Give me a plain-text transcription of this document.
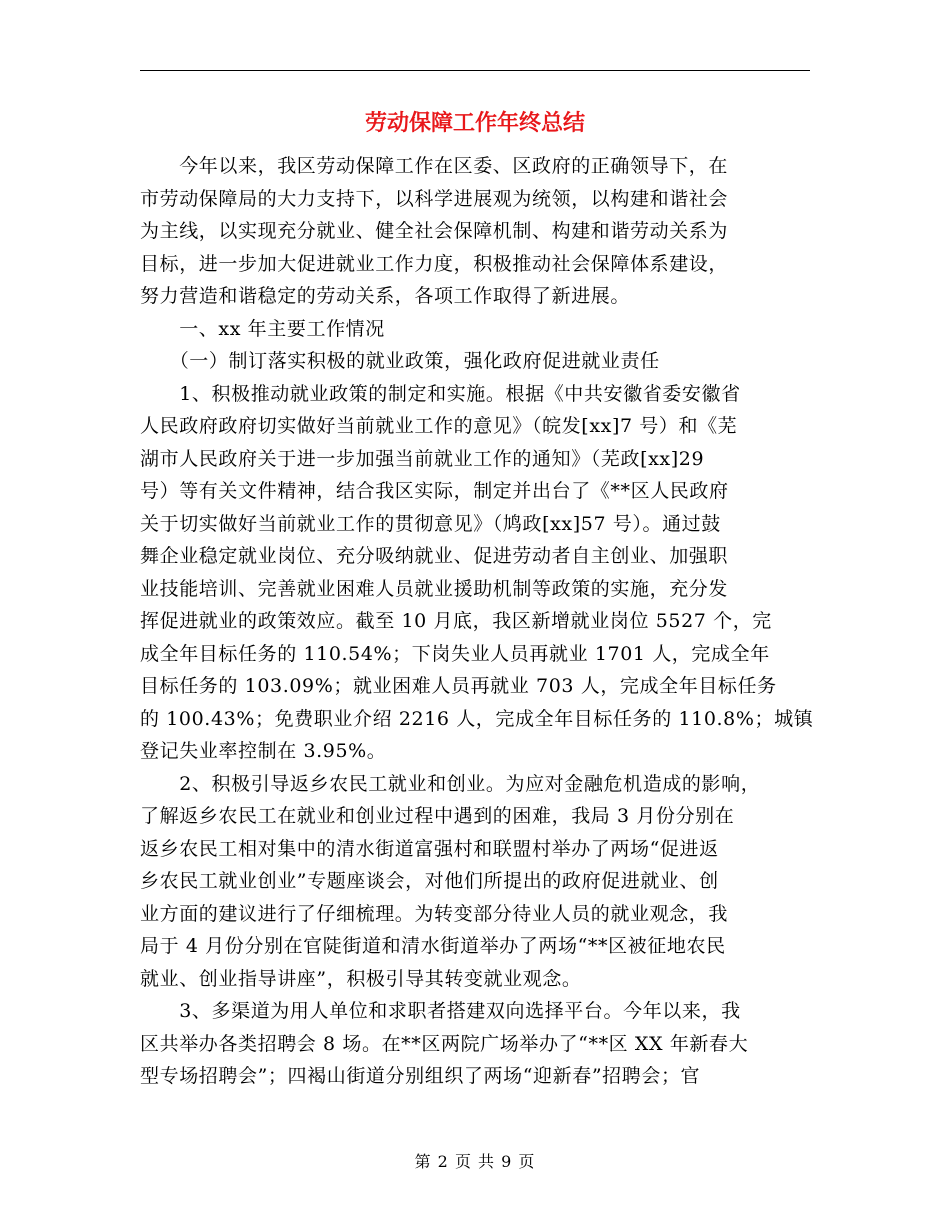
劳动保障工作年终总结
　　今年以来，我区劳动保障工作在区委、区政府的正确领导下，在
市劳动保障局的大力支持下，以科学进展观为统领，以构建和谐社会
为主线，以实现充分就业、健全社会保障机制、构建和谐劳动关系为
目标，进一步加大促进就业工作力度，积极推动社会保障体系建设，
努力营造和谐稳定的劳动关系，各项工作取得了新进展。
　　一、xx 年主要工作情况
　　（一）制订落实积极的就业政策，强化政府促进就业责任
　　1、积极推动就业政策的制定和实施。根据《中共安徽省委安徽省
人民政府政府切实做好当前就业工作的意见》（皖发[xx]7 号）和《芜
湖市人民政府关于进一步加强当前就业工作的通知》（芜政[xx]29
号）等有关文件精神，结合我区实际，制定并出台了《**区人民政府
关于切实做好当前就业工作的贯彻意见》（鸠政[xx]57 号）。通过鼓
舞企业稳定就业岗位、充分吸纳就业、促进劳动者自主创业、加强职
业技能培训、完善就业困难人员就业援助机制等政策的实施，充分发
挥促进就业的政策效应。截至 10 月底，我区新增就业岗位 5527 个，完
成全年目标任务的 110.54%；下岗失业人员再就业 1701 人，完成全年
目标任务的 103.09%；就业困难人员再就业 703 人，完成全年目标任务
的 100.43%；免费职业介绍 2216 人，完成全年目标任务的 110.8%；城镇
登记失业率控制在 3.95%。
　　2、积极引导返乡农民工就业和创业。为应对金融危机造成的影响，
了解返乡农民工在就业和创业过程中遇到的困难，我局 3 月份分别在
返乡农民工相对集中的清水街道富强村和联盟村举办了两场“促进返
乡农民工就业创业”专题座谈会，对他们所提出的政府促进就业、创
业方面的建议进行了仔细梳理。为转变部分待业人员的就业观念，我
局于 4 月份分别在官陡街道和清水街道举办了两场“**区被征地农民
就业、创业指导讲座”，积极引导其转变就业观念。
　　3、多渠道为用人单位和求职者搭建双向选择平台。今年以来，我
区共举办各类招聘会 8 场。在**区两院广场举办了“**区 XX 年新春大
型专场招聘会”；四褐山街道分别组织了两场“迎新春”招聘会；官
第 2 页 共 9 页
